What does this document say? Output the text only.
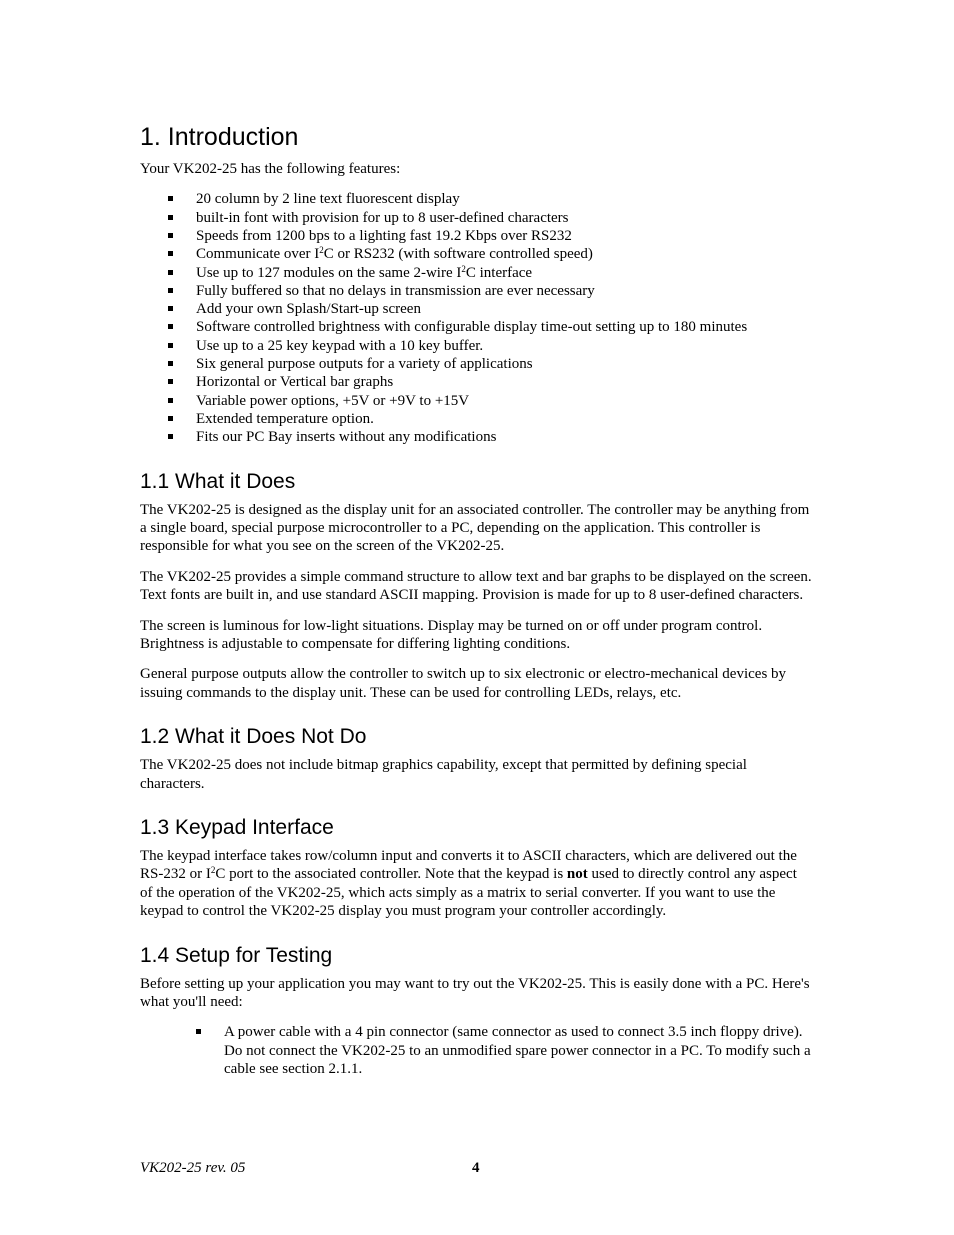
1. Introduction

Your VK202-25 has the following features:

20 column by 2 line text fluorescent display
built-in font with provision for up to 8 user-defined characters
Speeds from 1200 bps to a lighting fast 19.2 Kbps over RS232
Communicate over $I^2C$ or RS232 (with software controlled speed)
Use up to 127 modules on the same 2-wire $I^2C$ interface
Fully buffered so that no delays in transmission are ever necessary
Add your own Splash/Start-up screen
Software controlled brightness with configurable display time-out setting up to 180 minutes
Use up to a 25 key keypad with a 10 key buffer.
Six general purpose outputs for a variety of applications
Horizontal or Vertical bar graphs
Variable power options, +5V or +9V to +15V
Extended temperature option.
Fits our PC Bay inserts without any modifications
1.1 What it Does

The VK202-25 is designed as the display unit for an associated controller. The controller may be anything from a single board, special purpose microcontroller to a PC, depending on the application. This controller is responsible for what you see on the screen of the VK202-25.

The VK202-25 provides a simple command structure to allow text and bar graphs to be displayed on the screen. Text fonts are built in, and use standard ASCII mapping. Provision is made for up to 8 user-defined characters.

The screen is luminous for low-light situations. Display may be turned on or off under program control. Brightness is adjustable to compensate for differing lighting conditions.

General purpose outputs allow the controller to switch up to six electronic or electro-mechanical devices by issuing commands to the display unit. These can be used for controlling LEDs, relays, etc.

1.2 What it Does Not Do

The VK202-25 does not include bitmap graphics capability, except that permitted by defining special characters.

1.3 Keypad Interface

The keypad interface takes row/column input and converts it to ASCII characters, which are delivered out the RS-232 or $I^2C$ port to the associated controller. Note that the keypad is not used to directly control any aspect of the operation of the VK202-25, which acts simply as a matrix to serial converter. If you want to use the keypad to control the VK202-25 display you must program your controller accordingly.

1.4 Setup for Testing

Before setting up your application you may want to try out the VK202-25. This is easily done with a PC. Here's what you'll need:

A power cable with a 4 pin connector (same connector as used to connect 3.5 inch floppy drive). Do not connect the VK202-25 to an unmodified spare power connector in a PC. To modify such a cable see section 2.1.1.
VK202-25 rev. 05	4
